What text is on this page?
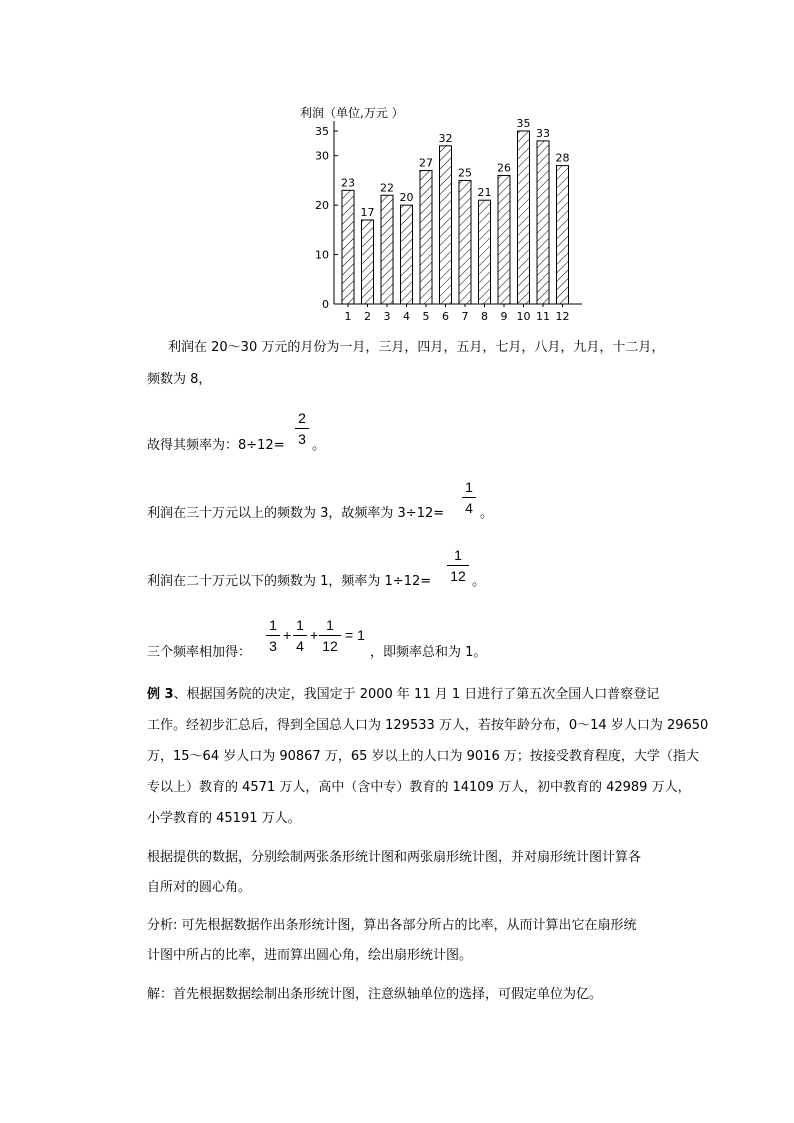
利润（单位,万元 ）
0
10
20
30
35
23
17
22
20
27
32
25
21
26
35
33
28
1 2 3 4 5 6 7 8 9 10 11 12
利润在 20～30 万元的月份为一月，三月，四月，五月，七月，八月，九月，十二月，
频数为 8，
故得其频率为：8÷12=
2
3 。
利润在三十万元以上的频数为 3，故频率为 3÷12=
1
4 。
利润在二十万元以下的频数为 1，频率为 1÷12=
1
12 。
三个频率相加得：
1
3
+
1
4
+
1
12
= 1
，即频率总和为 1。
例 3、根据国务院的决定，我国定于 2000 年 11 月 1 日进行了第五次全国人口普察登记
工作。经初步汇总后，得到全国总人口为 129533 万人，若按年龄分布，0～14 岁人口为 29650
万，15～64 岁人口为 90867 万，65 岁以上的人口为 9016 万；按接受教育程度，大学（指大
专以上）教育的 4571 万人，高中（含中专）教育的 14109 万人，初中教育的 42989 万人，
小学教育的 45191 万人。
根据提供的数据，分别绘制两张条形统计图和两张扇形统计图，并对扇形统计图计算各
自所对的圆心角。
分析: 可先根据数据作出条形统计图，算出各部分所占的比率，从而计算出它在扇形统
计图中所占的比率，进而算出圆心角，绘出扇形统计图。
解：首先根据数据绘制出条形统计图，注意纵轴单位的选择，可假定单位为亿。
